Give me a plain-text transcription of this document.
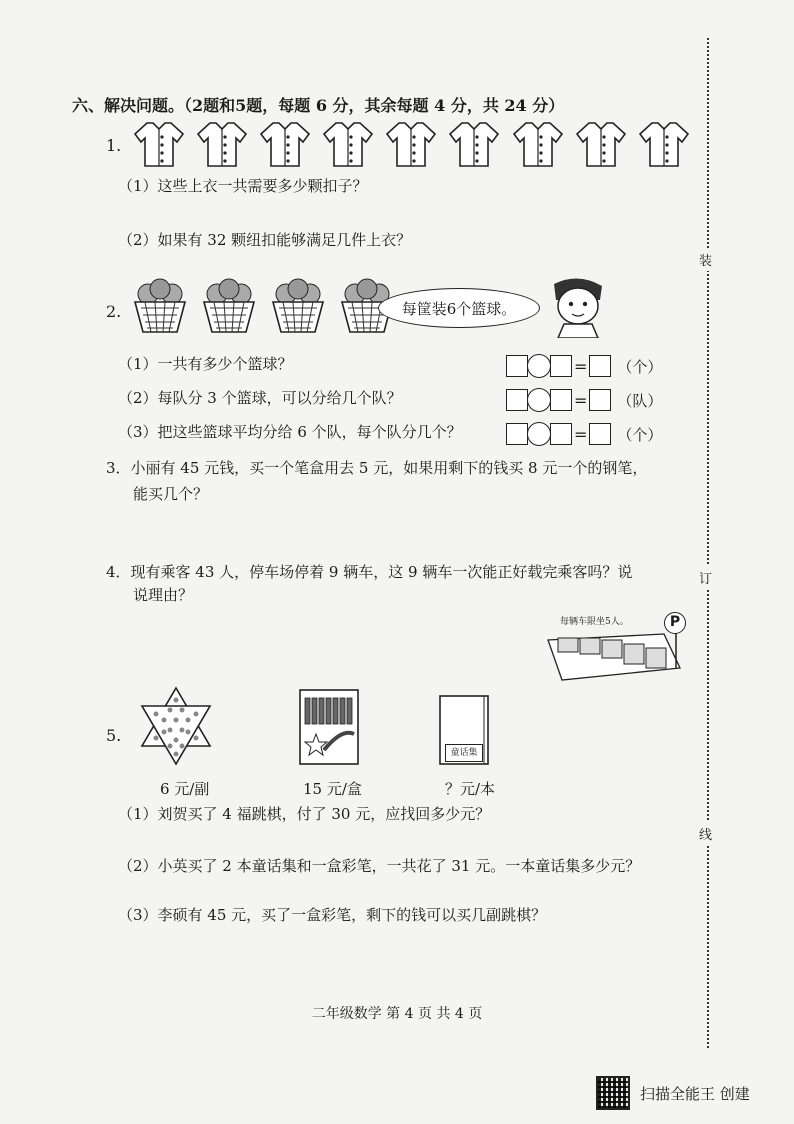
装
订
线
六、解决问题。（2题和5题，每题 6 分，其余每题 4 分，共 24 分）
1.

（1）这些上衣一共需要多少颗扣子？
（2）如果有 32 颗纽扣能够满足几件上衣？
2.
	每筐装6个篮球。
（1）一共有多少个篮球？
（2）每队分 3 个篮球，可以分给几个队？
（3）把这些篮球平均分给 6 个队，每个队分几个？
= （个）
= （队）
= （个）
3．小丽有 45 元钱，买一个笔盒用去 5 元，如果用剩下的钱买 8 元一个的钢笔，
能买几个？
4．现有乘客 43 人，停车场停着 9 辆车，这 9 辆车一次能正好载完乘客吗？说
说理由？
每辆车限坐5人。	P
5.
童话集
6 元/副	15 元/盒	？元/本
（1）刘贺买了 4 福跳棋，付了 30 元，应找回多少元？
（2）小英买了 2 本童话集和一盒彩笔，一共花了 31 元。一本童话集多少元？
（3）李硕有 45 元，买了一盒彩笔，剩下的钱可以买几副跳棋？
二年级数学 第 4 页 共 4 页
扫描全能王 创建
